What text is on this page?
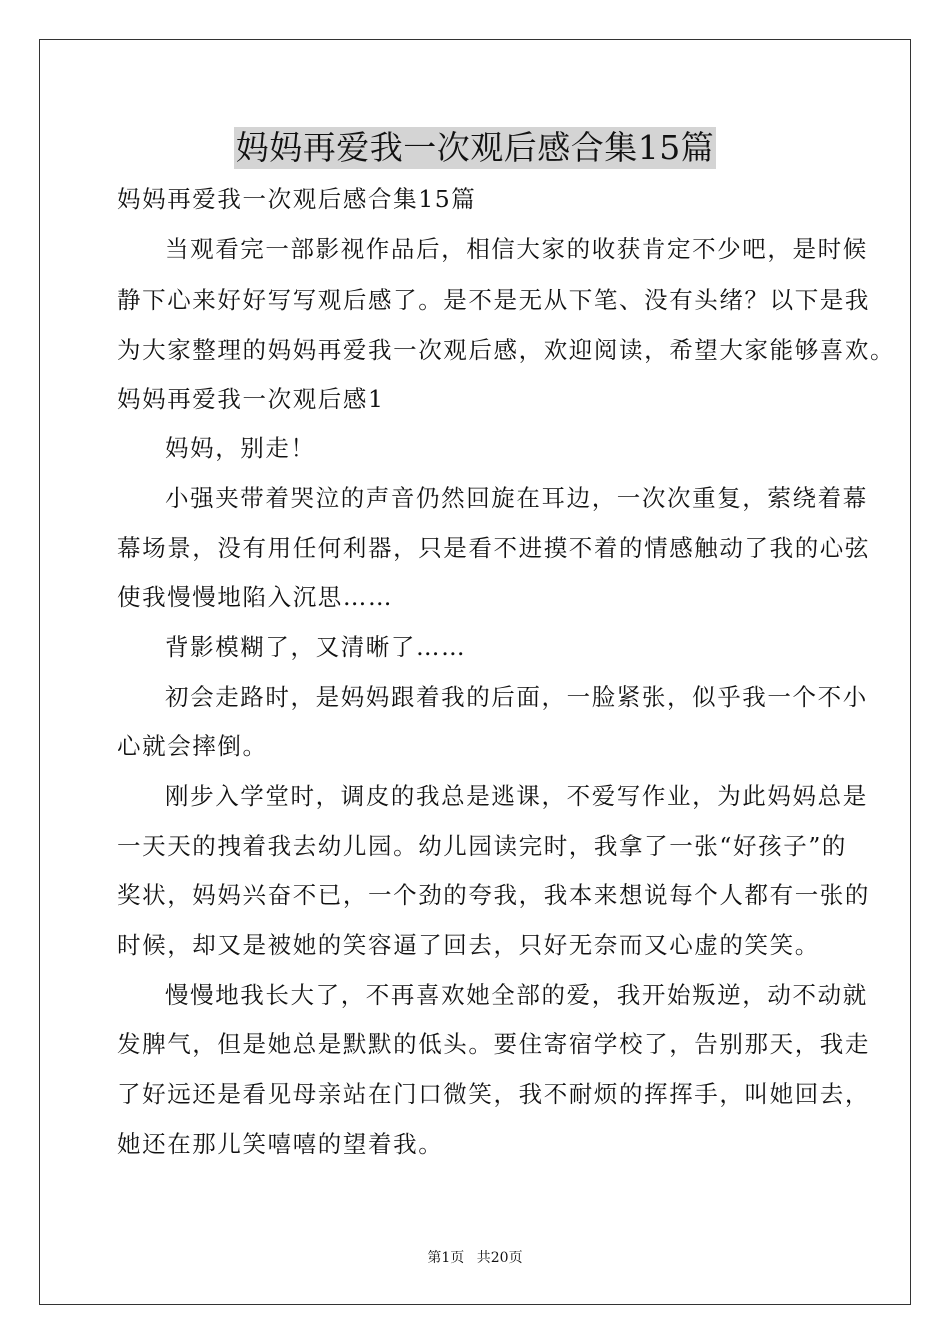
妈妈再爱我一次观后感合集15篇
妈妈再爱我一次观后感合集15篇
当观看完一部影视作品后，相信大家的收获肯定不少吧，是时候
静下心来好好写写观后感了。是不是无从下笔、没有头绪？以下是我
为大家整理的妈妈再爱我一次观后感，欢迎阅读，希望大家能够喜欢。
妈妈再爱我一次观后感1
妈妈，别走！
小强夹带着哭泣的声音仍然回旋在耳边，一次次重复，萦绕着幕
幕场景，没有用任何利器，只是看不进摸不着的情感触动了我的心弦
使我慢慢地陷入沉思……
背影模糊了，又清晰了……
初会走路时，是妈妈跟着我的后面，一脸紧张，似乎我一个不小
心就会摔倒。
刚步入学堂时，调皮的我总是逃课，不爱写作业，为此妈妈总是
一天天的拽着我去幼儿园。幼儿园读完时，我拿了一张“好孩子”的
奖状，妈妈兴奋不已，一个劲的夸我，我本来想说每个人都有一张的
时候，却又是被她的笑容逼了回去，只好无奈而又心虚的笑笑。
慢慢地我长大了，不再喜欢她全部的爱，我开始叛逆，动不动就
发脾气，但是她总是默默的低头。要住寄宿学校了，告别那天，我走
了好远还是看见母亲站在门口微笑，我不耐烦的挥挥手，叫她回去，
她还在那儿笑嘻嘻的望着我。
第1页 共20页
